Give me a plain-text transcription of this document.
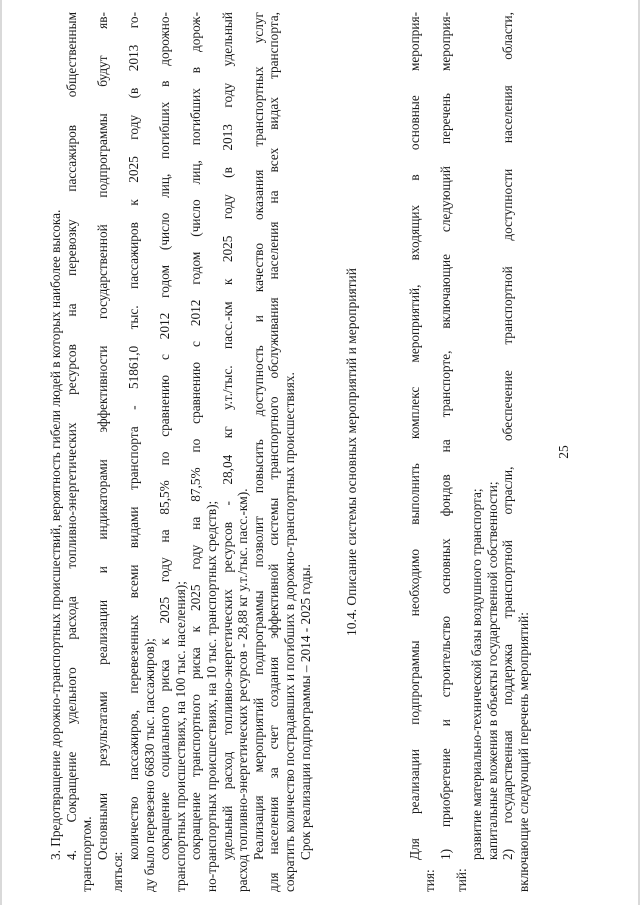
25
3. Предотвращение дорожно-транспортных происшествий, вероятность гибели людей в которых наиболее высока. 4. Сокращение удельного расхода топливно-энергетических ресурсов на перевозку пассажиров общественным транспортом. Основными результатами реализации и индикаторами эффективности государственной подпрограммы будут яв-
ляться:
количество пассажиров, перевезенных всеми видами транспорта - 51861,0 тыс. пассажиров к 2025 году (в 2013 го- ду было перевезено 66830 тыс. пассажиров); сокращение социального риска к 2025 году на 85,5% по сравнению с 2012 годом (число лиц, погибших в дорожно- транспортных происшествиях, на 100 тыс. населения); сокращение транспортного риска к 2025 году на 87,5% по сравнению с 2012 годом (число лиц, погибших в дорож- но-транспортных происшествиях, на 10 тыс. транспортных средств); удельный расход топливно-энергетических ресурсов - 28,04 кг у.т./тыс. пасс.-км к 2025 году (в 2013 году удельный расход топливно-энергетических ресурсов - 28,88 кг у.т./тыс. пасс.-км). Реализация мероприятий подпрограммы позволит повысить доступность и качество оказания транспортных услуг для населения за счет создания эффективной системы транспортного обслуживания населения на всех видах транспорта, сократить количество пострадавших и погибших в дорожно-транспортных происшествиях. Срок реализации подпрограммы – 2014 - 2025 годы.
10.4. Описание системы основных мероприятий и мероприятий	Для реализации подпрограммы необходимо выполнить комплекс мероприятий, входящих в основные мероприя-
тия:
1) приобретение и строительство основных фондов на транспорте, включающие следующий перечень мероприя-
тий:
развитие материально-технической базы воздушного транспорта; капитальные вложения в объекты государственной собственности; 2) государственная поддержка транспортной отрасли, обеспечение транспортной доступности населения области, включающие следующий перечень мероприятий:
